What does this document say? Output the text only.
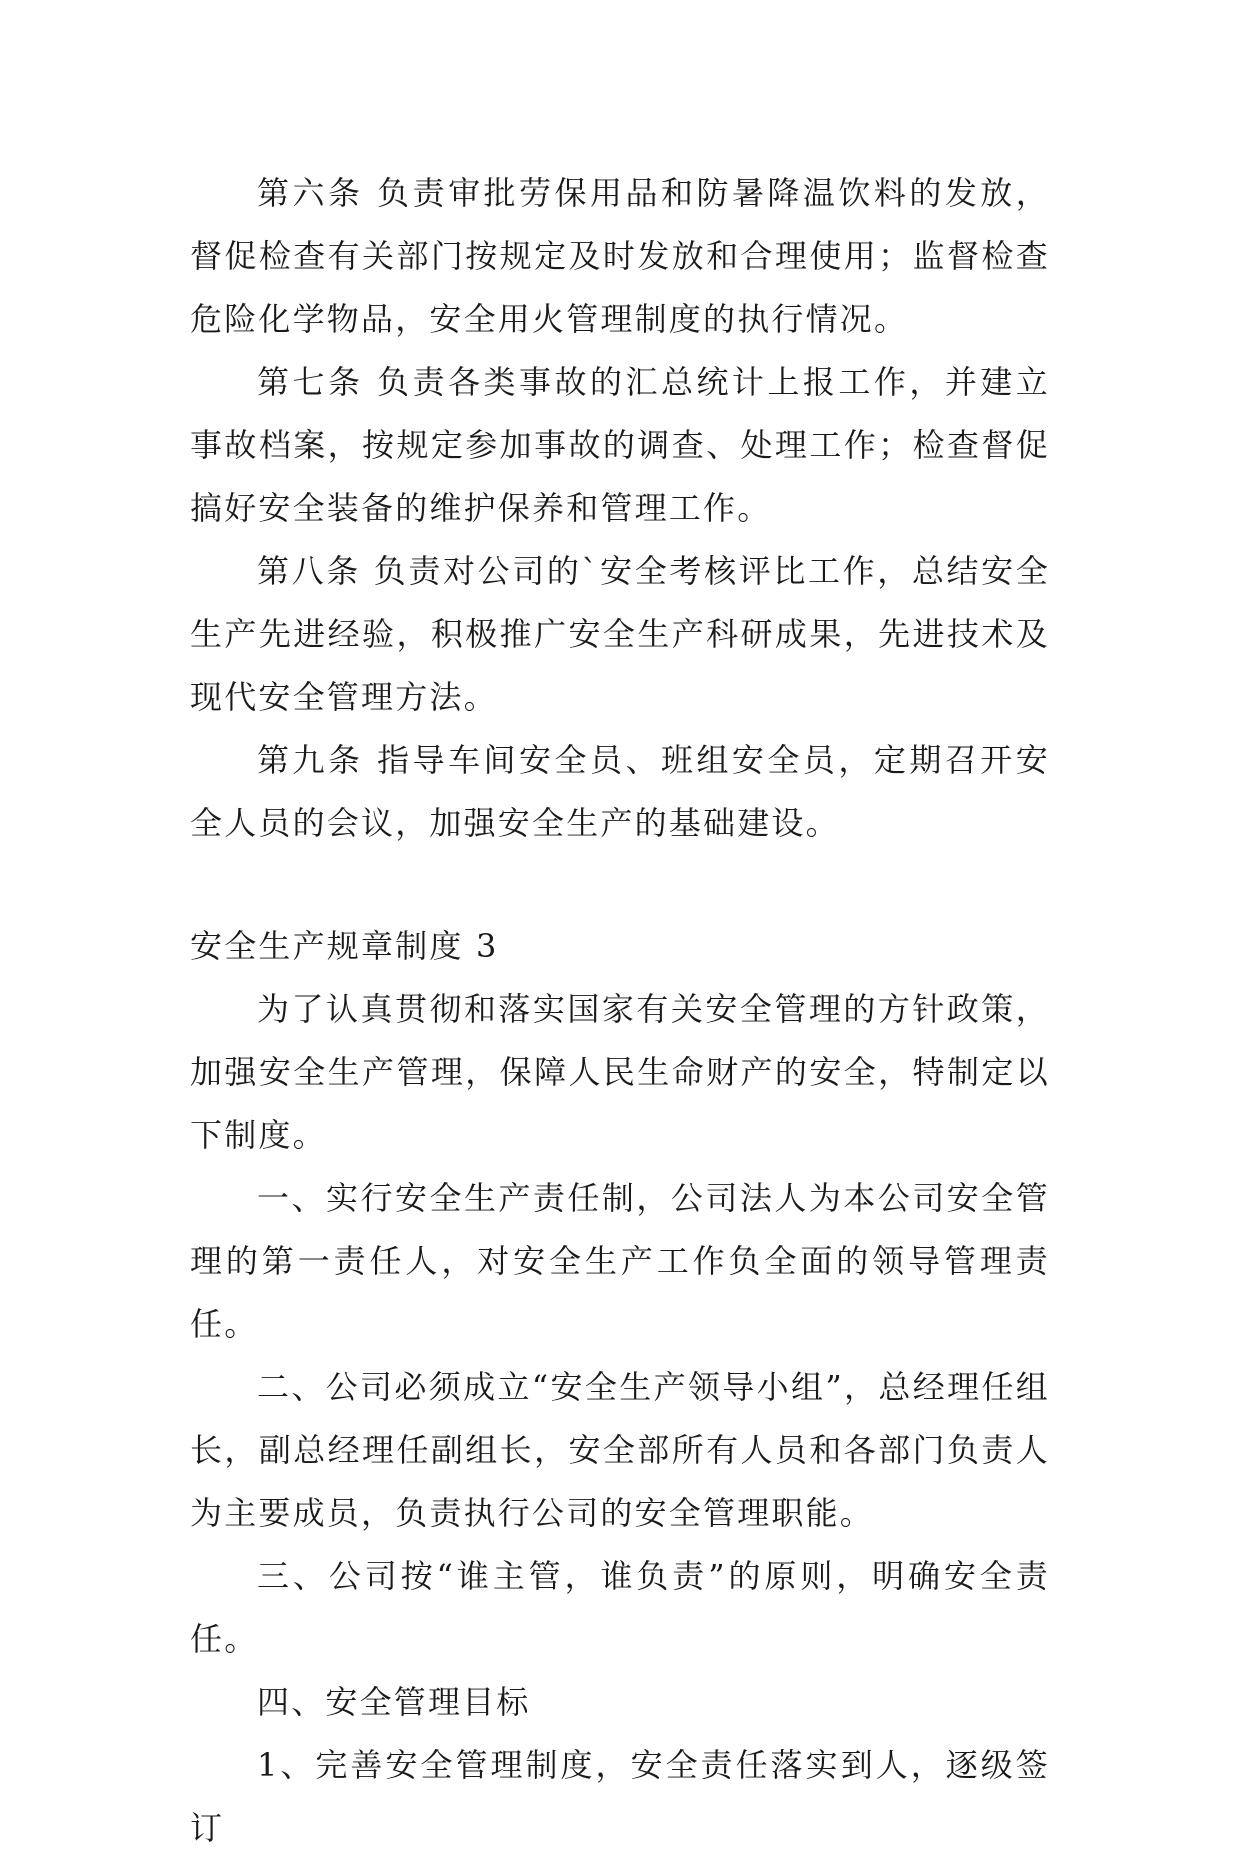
第六条 负责审批劳保用品和防暑降温饮料的发放，督促检查有关部门按规定及时发放和合理使用；监督检查危险化学物品，安全用火管理制度的执行情况。

第七条 负责各类事故的汇总统计上报工作，并建立事故档案，按规定参加事故的调查、处理工作；检查督促搞好安全装备的维护保养和管理工作。

第八条 负责对公司的`安全考核评比工作，总结安全生产先进经验，积极推广安全生产科研成果，先进技术及现代安全管理方法。

第九条 指导车间安全员、班组安全员，定期召开安全人员的会议，加强安全生产的基础建设。

安全生产规章制度 3

为了认真贯彻和落实国家有关安全管理的方针政策，加强安全生产管理，保障人民生命财产的安全，特制定以下制度。

一、实行安全生产责任制，公司法人为本公司安全管理的第一责任人，对安全生产工作负全面的领导管理责任。

二、公司必须成立“安全生产领导小组”，总经理任组长，副总经理任副组长，安全部所有人员和各部门负责人为主要成员，负责执行公司的安全管理职能。

三、公司按“谁主管，谁负责”的原则，明确安全责任。

四、安全管理目标

1、完善安全管理制度，安全责任落实到人，逐级签订
